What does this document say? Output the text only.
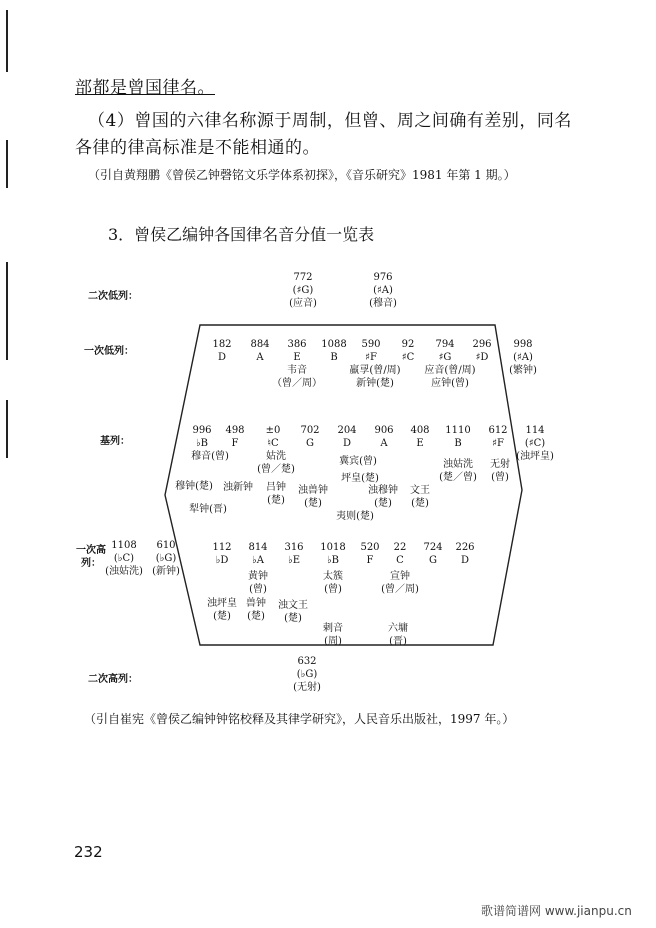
部都是曾国律名。
（4）曾国的六律名称源于周制，但曾、周之间确有差别，同名
各律的律高标准是不能相通的。
（引自黄翔鹏《曾侯乙钟磬铭文乐学体系初探》，《音乐研究》1981 年第 1 期。）
3．曾侯乙编钟各国律名音分值一览表
二次低列：
一次低列：
基列：
一次高列：
二次高列：
772
(♯G)
(应音)
976
(♯A)
(穆音)
182
D
884
A
386
E
1088
B
590
♯F
92
♯C
794
♯G
296
♯D
998
(♯A)
(繁钟)
韦音
（曾／周）
羸孠(曾/周)
新钟(楚)
应音(曾/周)
应钟(曾)
996
♭B
498
F
±0
♮C
702
G
204
D
906
A
408
E
1110
B
612
♯F
114
(♯C)
(浊坪皇)
穆音(曾)	姑洗
(曾／楚)
冀宾(曾)	浊姑洗
(楚／曾)
无射
(曾)
穆钟(楚) 浊新钟 吕钟
(楚)
浊兽钟
(楚)
坪皇(楚)
浊穆钟
(楚)
文王
(楚)
犁钟(晋)
夷则(楚)
1108
(♭C)
(浊姑洗)
610
(♭G)
(新钟)
112
♭D
814
♭A
316
♭E
1018
♭B
520
F
22
C
724
G
226
D
黄钟
(曾)
太簇
(曾)
宣钟
(曾／周)
浊坪皇
(楚)
兽钟
(楚)
浊文王
(楚)
剌音
(周)
六墉
(晋)
632
(♭G)
(无射)
（引自崔宪《曾侯乙编钟钟铭校释及其律学研究》，人民音乐出版社，1997 年。）
232
歌谱简谱网 www.jianpu.cn
